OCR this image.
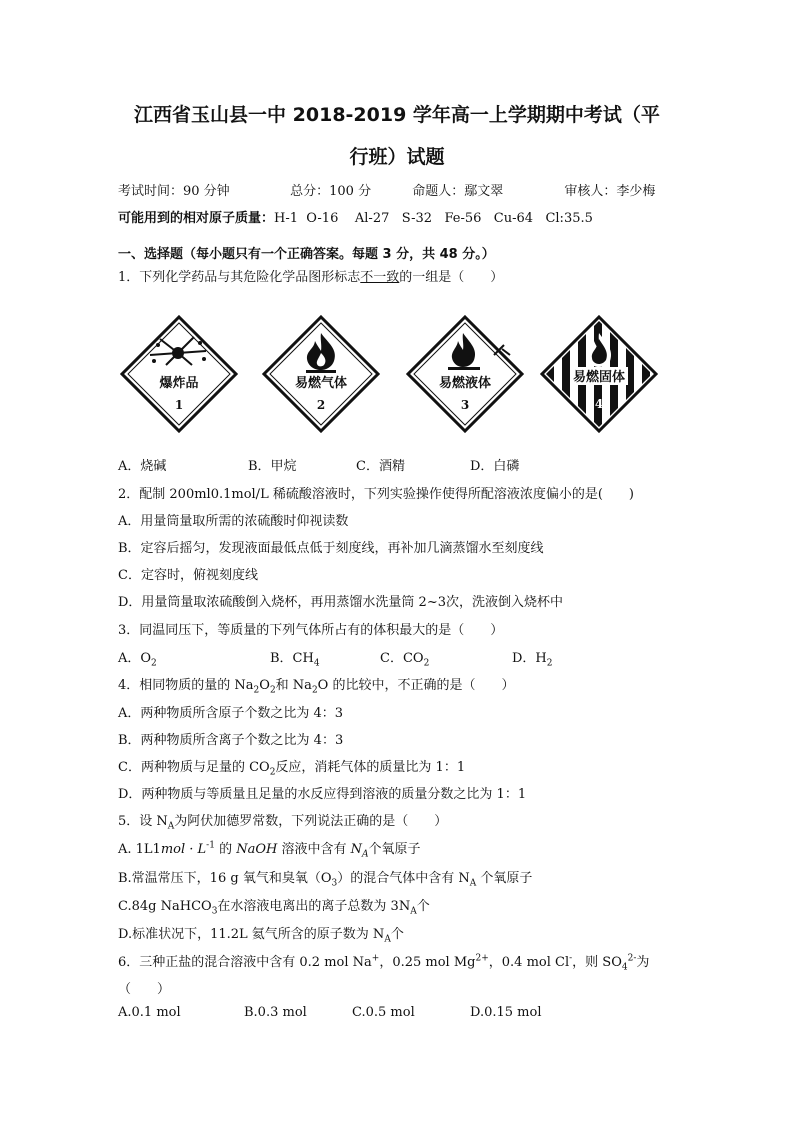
江西省玉山县一中 2018-2019 学年高一上学期期中考试（平
行班）试题
考试时间：90 分钟	总分：100 分	命题人：鄢文翠	审核人：李少梅
可能用到的相对原子质量：H-1  O-16    Al-27   S-32   Fe-56   Cu-64   Cl:35.5
一、选择题（每小题只有一个正确答案。每题 3 分，共 48 分。）
1．下列化学药品与其危险化学品图形标志不一致的一组是（　　）
爆炸品
1
易燃气体
2
易燃液体
3
易燃固体
4
A．烧碱	B．甲烷	C．酒精	D．白磷
2．配制 200ml0.1mol/L 稀硫酸溶液时，下列实验操作使得所配溶液浓度偏小的是(　　)
A．用量筒量取所需的浓硫酸时仰视读数
B．定容后摇匀，发现液面最低点低于刻度线，再补加几滴蒸馏水至刻度线
C．定容时，俯视刻度线
D．用量筒量取浓硫酸倒入烧杯，再用蒸馏水洗量筒 2~3次，洗液倒入烧杯中
3．同温同压下，等质量的下列气体所占有的体积最大的是（　　）
A．$O_2$	B．$CH_4$	C．$CO_2$	D．$H_2$
4．相同物质的量的 $Na_2O_2$和 $Na_2O$ 的比较中，不正确的是（　　）
A．两种物质所含原子个数之比为 4：3
B．两种物质所含离子个数之比为 4：3
C．两种物质与足量的 $CO_2$反应，消耗气体的质量比为 1：1
D．两种物质与等质量且足量的水反应得到溶液的质量分数之比为 1：1
5．设 $N_A$为阿伏加德罗常数，下列说法正确的是（　　）
A. $1L1mol \cdot L^{-1}$ 的 NaOH 溶液中含有 $N_A$个氧原子
B.常温常压下，16 g 氧气和臭氧$(O_3)$的混合气体中含有 $N_A$ 个氧原子
C.84g NaHCO$_3$在水溶液电离出的离子总数为 $3N_A$个
D.标准状况下，11.2L 氦气所含的原子数为 $N_A$个
6．三种正盐的混合溶液中含有 0.2 mol Na+，0.25 mol $Mg^{2+}$，0.4 mol Cl-，则 $SO_4^{2-}$为
（　　）
A.0.1 mol	B.0.3 mol	C.0.5 mol	D.0.15 mol
